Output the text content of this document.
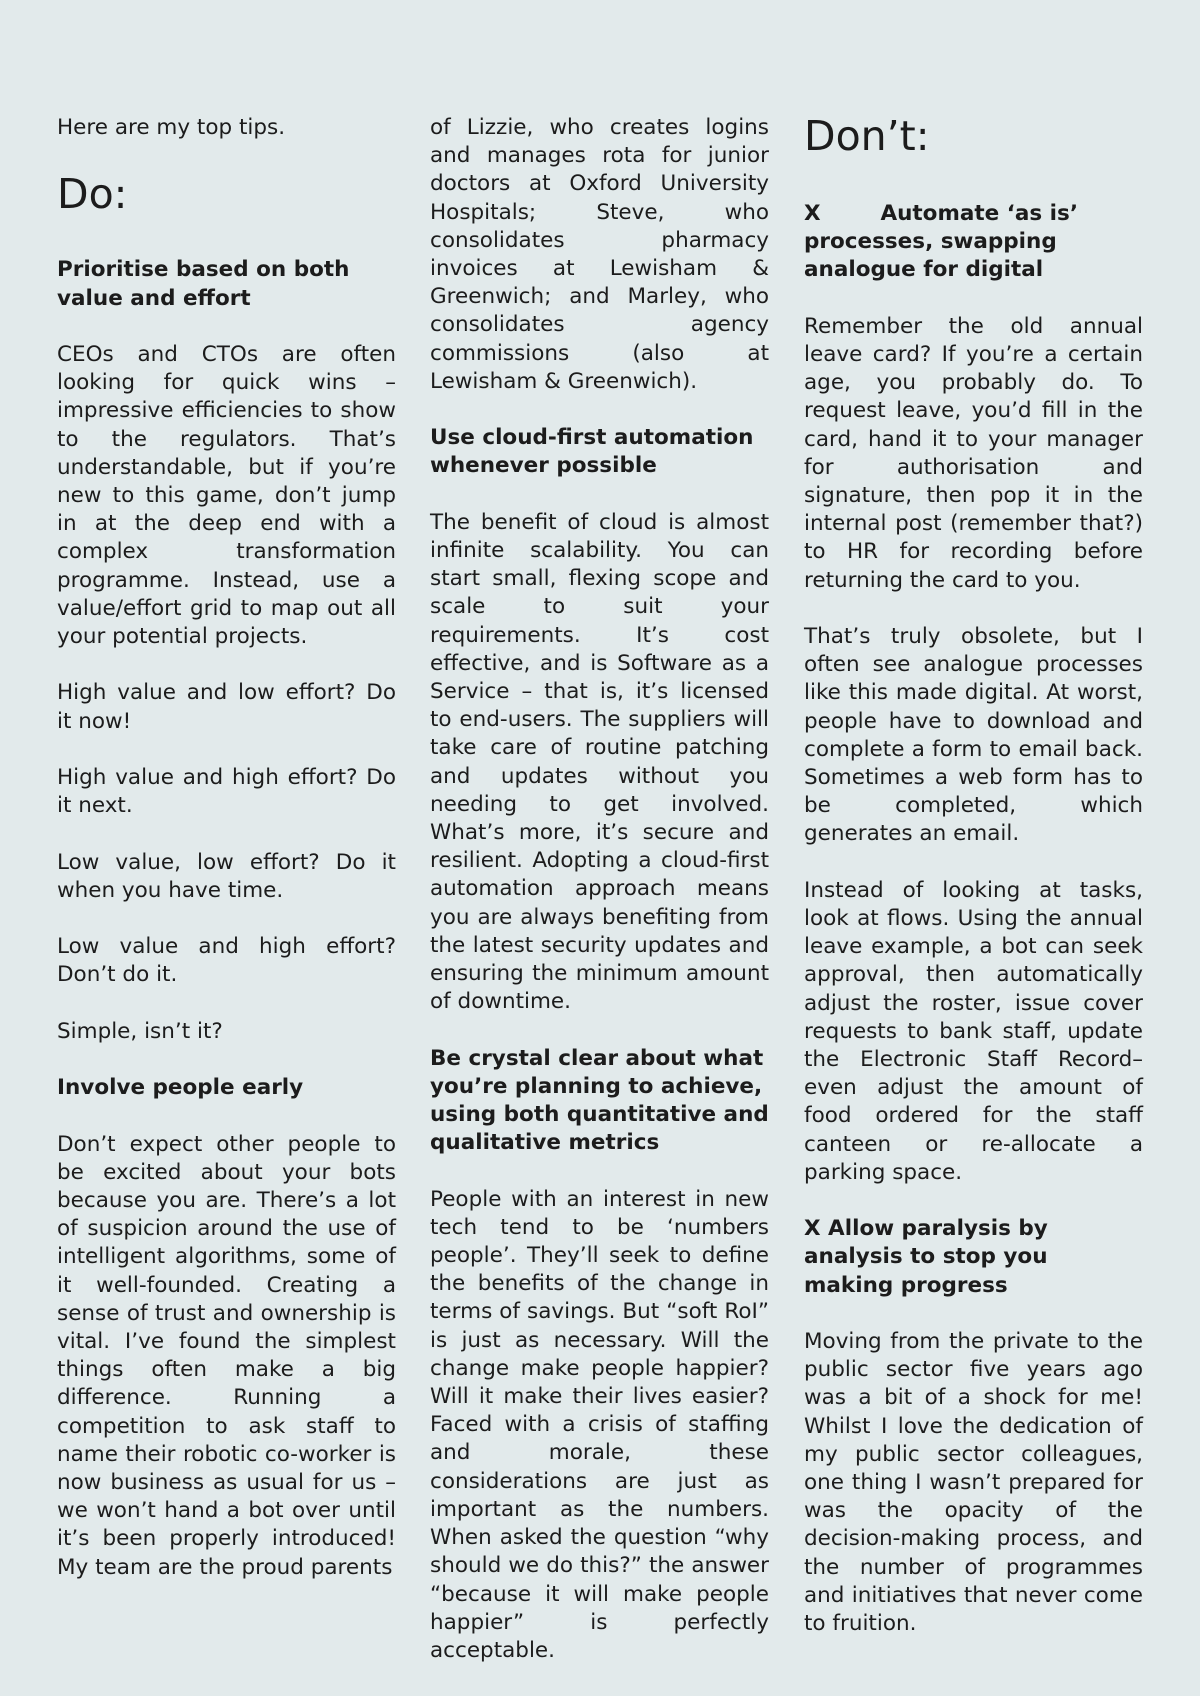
Here are my top tips.

Do:
Prioritise based on both value and effort

CEOs and CTOs are often looking for quick wins – impressive efficiencies to show to the regulators. That’s understandable, but if you’re new to this game, don’t jump in at the deep end with a complex transformation programme. Instead, use a value/effort grid to map out all your potential projects.

High value and low effort? Do it now!

High value and high effort? Do it next.

Low value, low effort? Do it when you have time.

Low value and high effort? Don’t do it.

Simple, isn’t it?

Involve people early

Don’t expect other people to be excited about your bots because you are. There’s a lot of suspicion around the use of intelligent algorithms, some of it well-founded. Creating a sense of trust and ownership is vital. I’ve found the simplest things often make a big difference. Running a competition to ask staff to name their robotic co-worker is now business as usual for us – we won’t hand a bot over until it’s been properly introduced! My team are the proud parents

of Lizzie, who creates logins and manages rota for junior doctors at Oxford University Hospitals; Steve, who consolidates pharmacy invoices at Lewisham & Greenwich; and Marley, who consolidates agency commissions (also at Lewisham & Greenwich).

Use cloud-first automation whenever possible

The benefit of cloud is almost infinite scalability. You can start small, flexing scope and scale to suit your requirements. It’s cost effective, and is Software as a Service – that is, it’s licensed to end-users. The suppliers will take care of routine patching and updates without you needing to get involved. What’s more, it’s secure and resilient. Adopting a cloud-first automation approach means you are always benefiting from the latest security updates and ensuring the minimum amount of downtime.

Be crystal clear about what you’re planning to achieve, using both quantitative and qualitative metrics

People with an interest in new tech tend to be ‘numbers people’. They’ll seek to define the benefits of the change in terms of savings. But “soft RoI” is just as necessary. Will the change make people happier? Will it make their lives easier? Faced with a crisis of staffing and morale, these considerations are just as important as the numbers. When asked the question “why should we do this?” the answer “because it will make people happier” is perfectly acceptable.

Don’t:
X        Automate ‘as is’ processes, swapping analogue for digital

Remember the old annual leave card? If you’re a certain age, you probably do. To request leave, you’d fill in the card, hand it to your manager for authorisation and signature, then pop it in the internal post (remember that?) to HR for recording before returning the card to you.

That’s truly obsolete, but I often see analogue processes like this made digital. At worst, people have to download and complete a form to email back. Sometimes a web form has to be completed, which generates an email.

Instead of looking at tasks, look at flows. Using the annual leave example, a bot can seek approval, then automatically adjust the roster, issue cover requests to bank staff, update the Electronic Staff Record– even adjust the amount of food ordered for the staff canteen or re-allocate a parking space.

X Allow paralysis by analysis to stop you making progress

Moving from the private to the public sector five years ago was a bit of a shock for me! Whilst I love the dedication of my public sector colleagues, one thing I wasn’t prepared for was the opacity of the decision-making process, and the number of programmes and initiatives that never come to fruition.
